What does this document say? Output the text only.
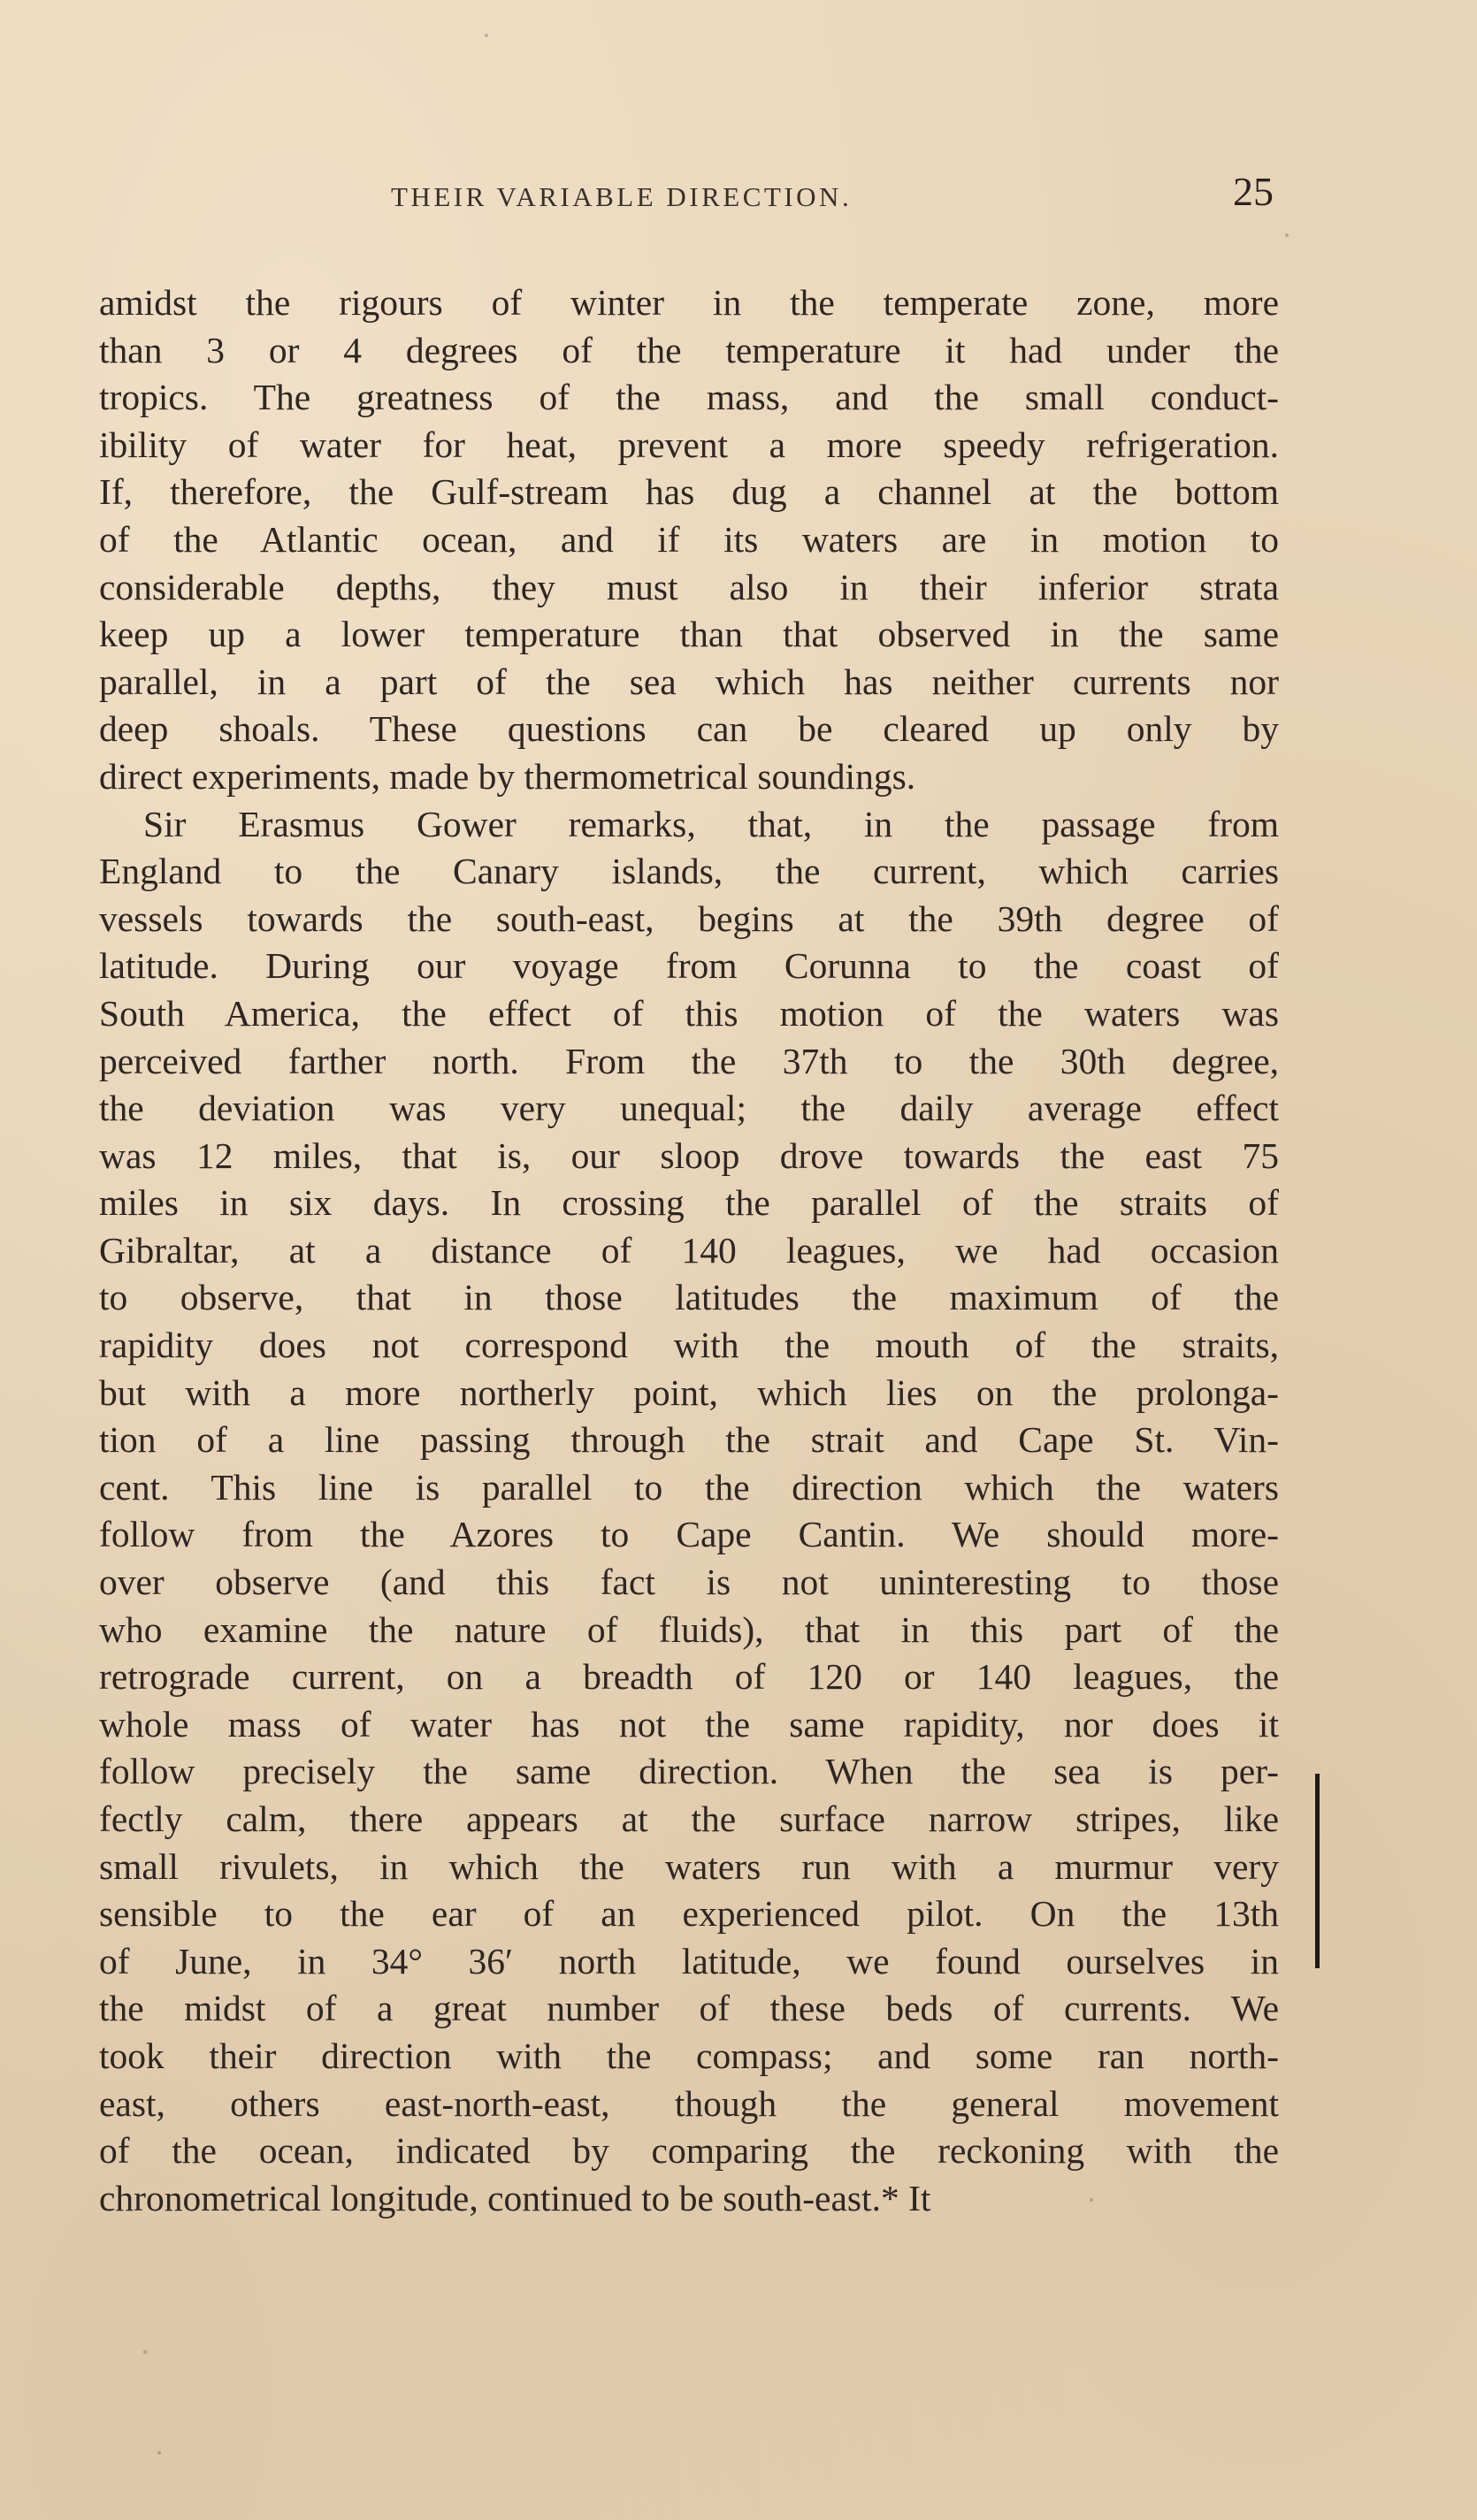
THEIR VARIABLE DIRECTION.	25
amidst the rigours of winter in the temperate zone, more
than 3 or 4 degrees of the temperature it had under the
tropics. The greatness of the mass, and the small conduct-
ibility of water for heat, prevent a more speedy refrigeration.
If, therefore, the Gulf-stream has dug a channel at the bottom
of the Atlantic ocean, and if its waters are in motion to
considerable depths, they must also in their inferior strata
keep up a lower temperature than that observed in the same
parallel, in a part of the sea which has neither currents nor
deep shoals. These questions can be cleared up only by
direct experiments, made by thermometrical soundings.
Sir Erasmus Gower remarks, that, in the passage from
England to the Canary islands, the current, which carries
vessels towards the south-east, begins at the 39th degree of
latitude. During our voyage from Corunna to the coast of
South America, the effect of this motion of the waters was
perceived farther north. From the 37th to the 30th degree,
the deviation was very unequal; the daily average effect
was 12 miles, that is, our sloop drove towards the east 75
miles in six days. In crossing the parallel of the straits of
Gibraltar, at a distance of 140 leagues, we had occasion
to observe, that in those latitudes the maximum of the
rapidity does not correspond with the mouth of the straits,
but with a more northerly point, which lies on the prolonga-
tion of a line passing through the strait and Cape St. Vin-
cent. This line is parallel to the direction which the waters
follow from the Azores to Cape Cantin. We should more-
over observe (and this fact is not uninteresting to those
who examine the nature of fluids), that in this part of the
retrograde current, on a breadth of 120 or 140 leagues, the
whole mass of water has not the same rapidity, nor does it
follow precisely the same direction. When the sea is per-
fectly calm, there appears at the surface narrow stripes, like
small rivulets, in which the waters run with a murmur very
sensible to the ear of an experienced pilot. On the 13th
of June, in 34° 36′ north latitude, we found ourselves in
the midst of a great number of these beds of currents. We
took their direction with the compass; and some ran north-
east, others east-north-east, though the general movement
of the ocean, indicated by comparing the reckoning with the
chronometrical longitude, continued to be south-east.* It
